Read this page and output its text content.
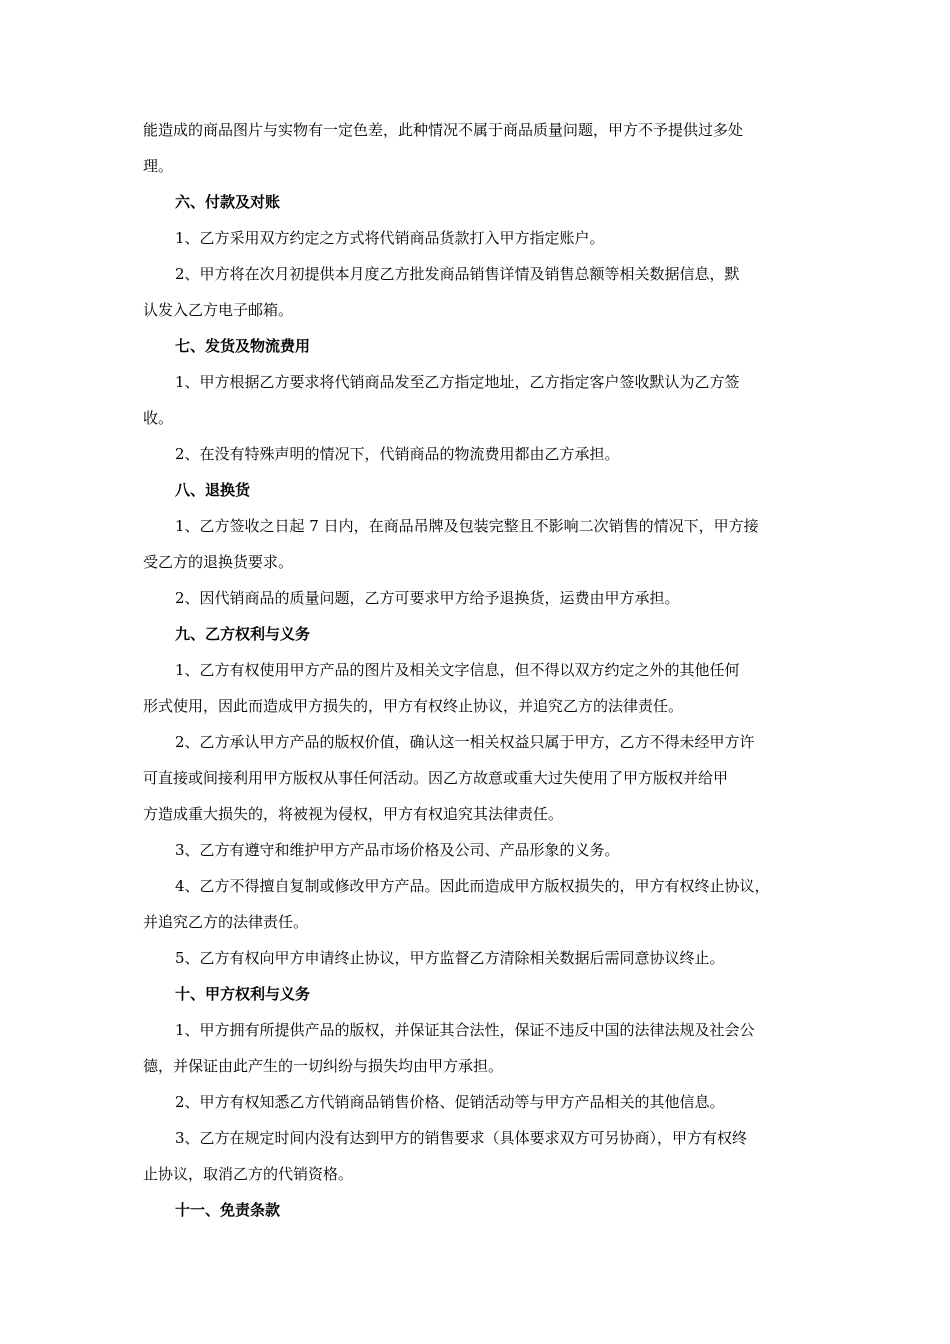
能造成的商品图片与实物有一定色差，此种情况不属于商品质量问题，甲方不予提供过多处
理。
六、付款及对账
1、乙方采用双方约定之方式将代销商品货款打入甲方指定账户。
2、甲方将在次月初提供本月度乙方批发商品销售详情及销售总额等相关数据信息，默
认发入乙方电子邮箱。
七、发货及物流费用
1、甲方根据乙方要求将代销商品发至乙方指定地址，乙方指定客户签收默认为乙方签
收。
2、在没有特殊声明的情况下，代销商品的物流费用都由乙方承担。
八、退换货
1、乙方签收之日起 7 日内，在商品吊牌及包装完整且不影响二次销售的情况下，甲方接
受乙方的退换货要求。
2、因代销商品的质量问题，乙方可要求甲方给予退换货，运费由甲方承担。
九、乙方权利与义务
1、乙方有权使用甲方产品的图片及相关文字信息，但不得以双方约定之外的其他任何
形式使用，因此而造成甲方损失的，甲方有权终止协议，并追究乙方的法律责任。
2、乙方承认甲方产品的版权价值，确认这一相关权益只属于甲方，乙方不得未经甲方许
可直接或间接利用甲方版权从事任何活动。因乙方故意或重大过失使用了甲方版权并给甲
方造成重大损失的，将被视为侵权，甲方有权追究其法律责任。
3、乙方有遵守和维护甲方产品市场价格及公司、产品形象的义务。
4、乙方不得擅自复制或修改甲方产品。因此而造成甲方版权损失的，甲方有权终止协议，
并追究乙方的法律责任。
5、乙方有权向甲方申请终止协议，甲方监督乙方清除相关数据后需同意协议终止。
十、甲方权利与义务
1、甲方拥有所提供产品的版权，并保证其合法性，保证不违反中国的法律法规及社会公
德，并保证由此产生的一切纠纷与损失均由甲方承担。
2、甲方有权知悉乙方代销商品销售价格、促销活动等与甲方产品相关的其他信息。
3、乙方在规定时间内没有达到甲方的销售要求（具体要求双方可另协商），甲方有权终
止协议，取消乙方的代销资格。
十一、免责条款
